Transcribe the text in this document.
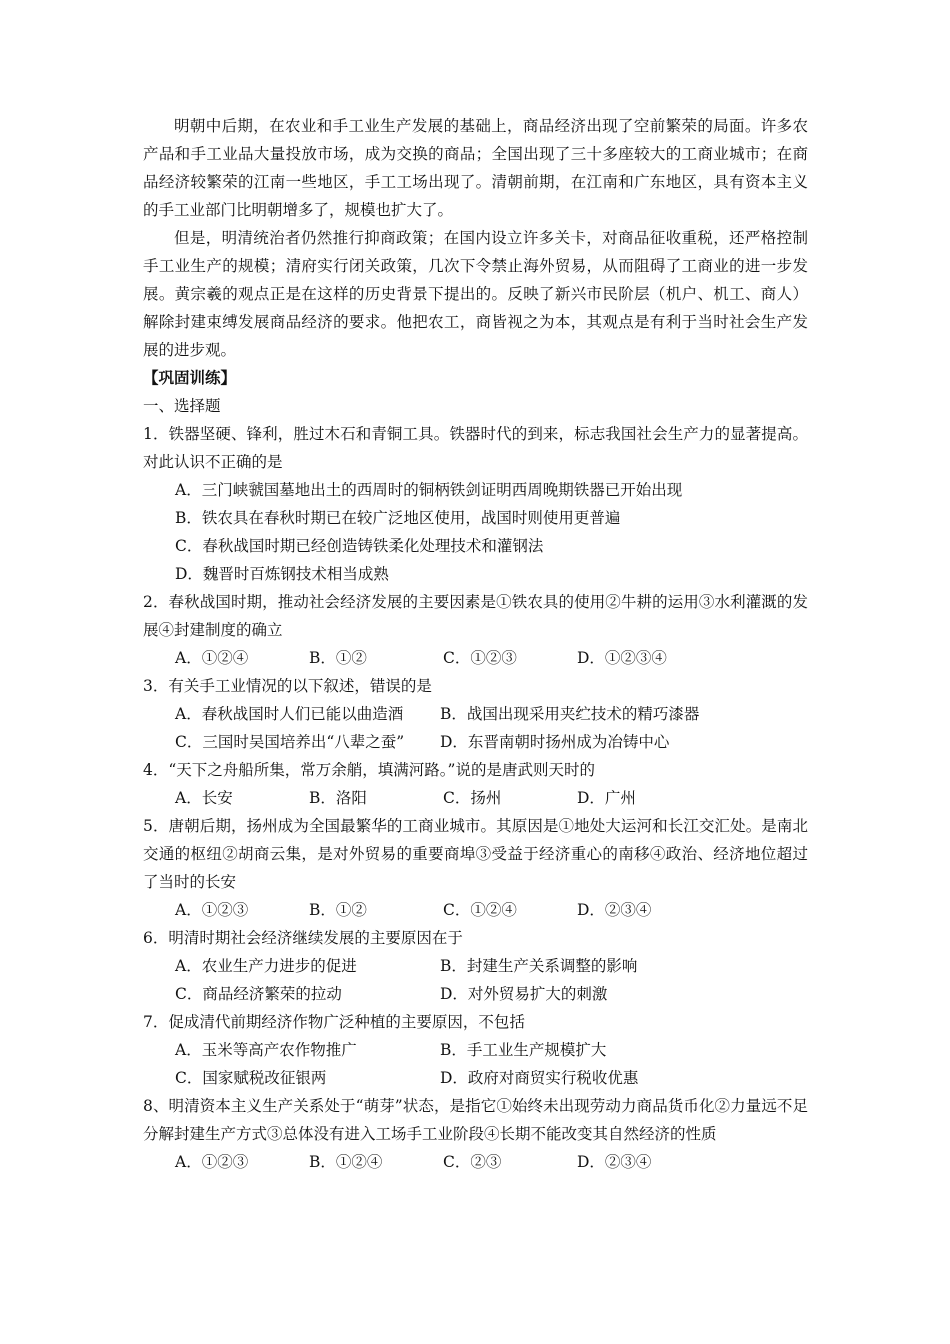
明朝中后期，在农业和手工业生产发展的基础上，商品经济出现了空前繁荣的局面。许多农产品和手工业品大量投放市场，成为交换的商品；全国出现了三十多座较大的工商业城市；在商品经济较繁荣的江南一些地区，手工工场出现了。清朝前期，在江南和广东地区，具有资本主义的手工业部门比明朝增多了，规模也扩大了。

但是，明清统治者仍然推行抑商政策；在国内设立许多关卡，对商品征收重税，还严格控制手工业生产的规模；清府实行闭关政策，几次下令禁止海外贸易，从而阻碍了工商业的进一步发展。黄宗羲的观点正是在这样的历史背景下提出的。反映了新兴市民阶层（机户、机工、商人）解除封建束缚发展商品经济的要求。他把农工，商皆视之为本，其观点是有利于当时社会生产发展的进步观。

【巩固训练】

一、选择题

1．铁器坚硬、锋利，胜过木石和青铜工具。铁器时代的到来，标志我国社会生产力的显著提高。对此认识不正确的是

A．三门峡虢国墓地出土的西周时的铜柄铁剑证明西周晚期铁器已开始出现
B．铁农具在春秋时期已在较广泛地区使用，战国时则使用更普遍
C．春秋战国时期已经创造铸铁柔化处理技术和灌钢法
D．魏晋时百炼钢技术相当成熟

2．春秋战国时期，推动社会经济发展的主要因素是①铁农具的使用②牛耕的运用③水利灌溉的发展④封建制度的确立

A．①②④	B．①②	C．①②③	D．①②③④

3．有关手工业情况的以下叙述，错误的是

A．春秋战国时人们已能以曲造酒	B．战国出现采用夹纻技术的精巧漆器
C．三国时吴国培养出“八辈之蚕”	D．东晋南朝时扬州成为冶铸中心

4．“天下之舟船所集，常万余艄，填满河路。”说的是唐武则天时的

A．长安	B．洛阳	C．扬州	D．广州

5．唐朝后期，扬州成为全国最繁华的工商业城市。其原因是①地处大运河和长江交汇处。是南北交通的枢纽②胡商云集，是对外贸易的重要商埠③受益于经济重心的南移④政治、经济地位超过了当时的长安

A．①②③	B．①②	C．①②④	D．②③④

6．明清时期社会经济继续发展的主要原因在于

A．农业生产力进步的促进	B．封建生产关系调整的影响
C．商品经济繁荣的拉动	D．对外贸易扩大的刺激

7．促成清代前期经济作物广泛种植的主要原因，不包括

A．玉米等高产农作物推广	B．手工业生产规模扩大
C．国家赋税改征银两	D．政府对商贸实行税收优惠

8、明清资本主义生产关系处于“萌芽”状态，是指它①始终未出现劳动力商品货币化②力量远不足分解封建生产方式③总体没有进入工场手工业阶段④长期不能改变其自然经济的性质

A．①②③	B．①②④	C．②③	D．②③④
